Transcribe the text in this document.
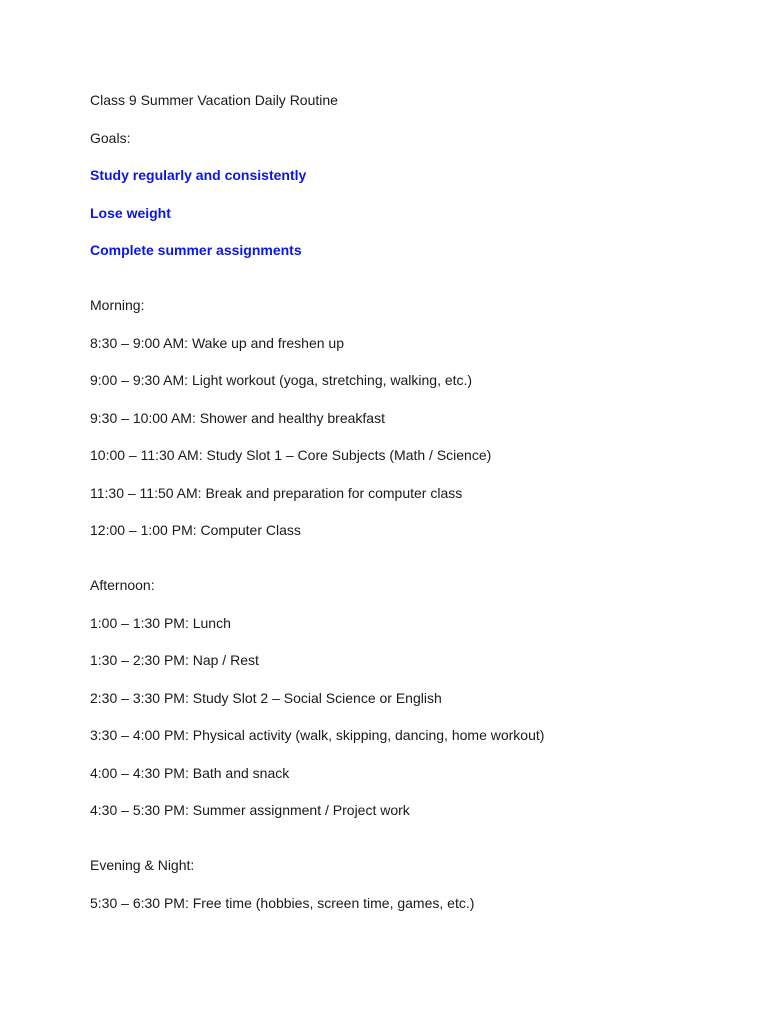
Class 9 Summer Vacation Daily Routine
Goals:
Study regularly and consistently
Lose weight
Complete summer assignments
Morning:
8:30 – 9:00 AM: Wake up and freshen up
9:00 – 9:30 AM: Light workout (yoga, stretching, walking, etc.)
9:30 – 10:00 AM: Shower and healthy breakfast
10:00 – 11:30 AM: Study Slot 1 – Core Subjects (Math / Science)
11:30 – 11:50 AM: Break and preparation for computer class
12:00 – 1:00 PM: Computer Class
Afternoon:
1:00 – 1:30 PM: Lunch
1:30 – 2:30 PM: Nap / Rest
2:30 – 3:30 PM: Study Slot 2 – Social Science or English
3:30 – 4:00 PM: Physical activity (walk, skipping, dancing, home workout)
4:00 – 4:30 PM: Bath and snack
4:30 – 5:30 PM: Summer assignment / Project work
Evening & Night:
5:30 – 6:30 PM: Free time (hobbies, screen time, games, etc.)
